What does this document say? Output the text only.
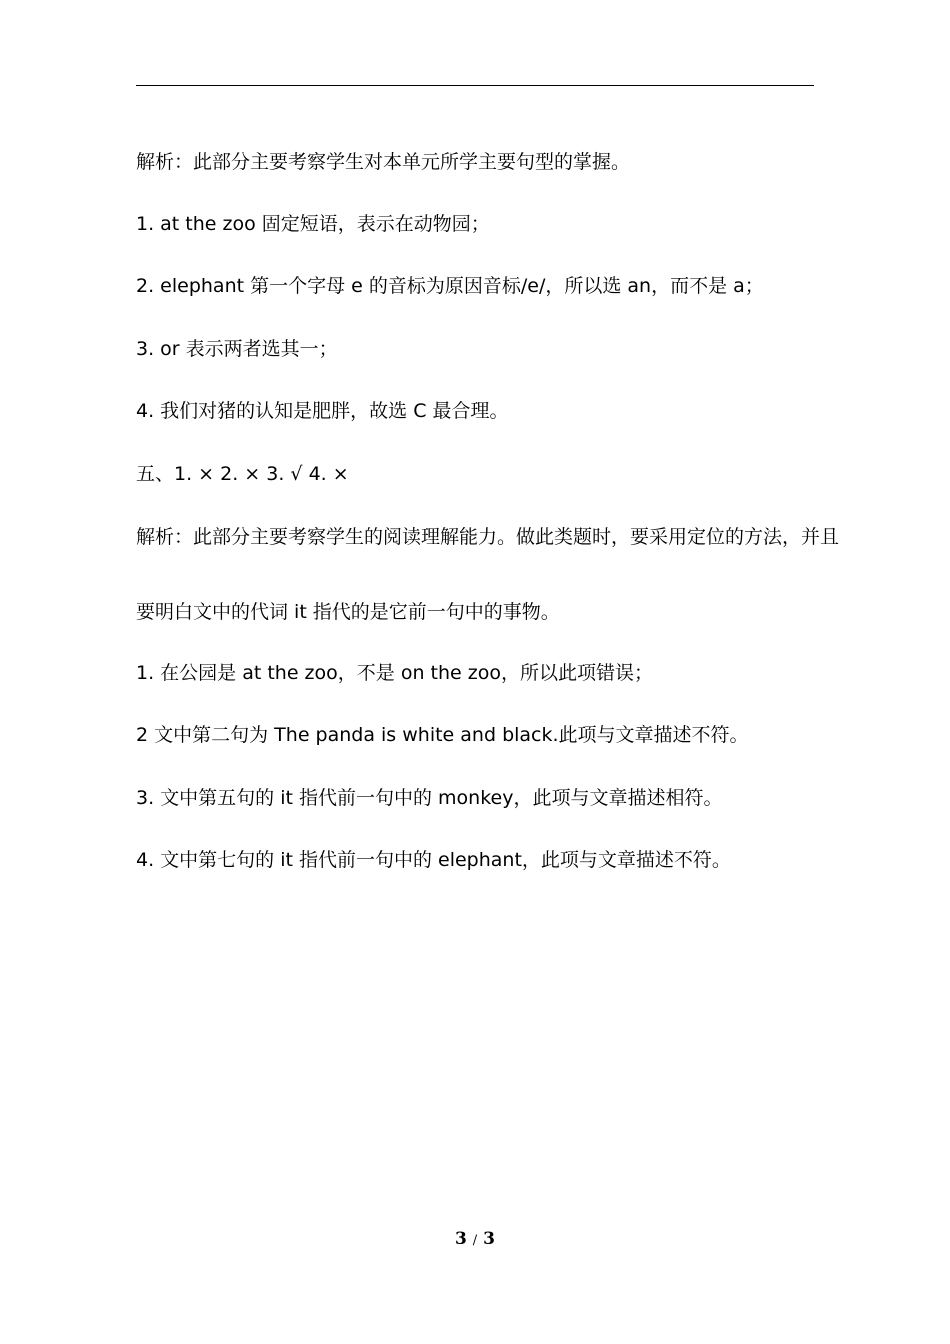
解析：此部分主要考察学生对本单元所学主要句型的掌握。
1. at the zoo 固定短语，表示在动物园；
2. elephant 第一个字母 e 的音标为原因音标/e/，所以选 an，而不是 a；
3. or 表示两者选其一；
4. 我们对猪的认知是肥胖，故选 C 最合理。
五、1. × 2. × 3. √ 4. ×
解析：此部分主要考察学生的阅读理解能力。做此类题时，要采用定位的方法，并且
要明白文中的代词 it 指代的是它前一句中的事物。
1. 在公园是 at the zoo，不是 on the zoo，所以此项错误；
2 文中第二句为 The panda is white and black.此项与文章描述不符。
3. 文中第五句的 it 指代前一句中的 monkey，此项与文章描述相符。
4. 文中第七句的 it 指代前一句中的 elephant，此项与文章描述不符。
3 / 3
